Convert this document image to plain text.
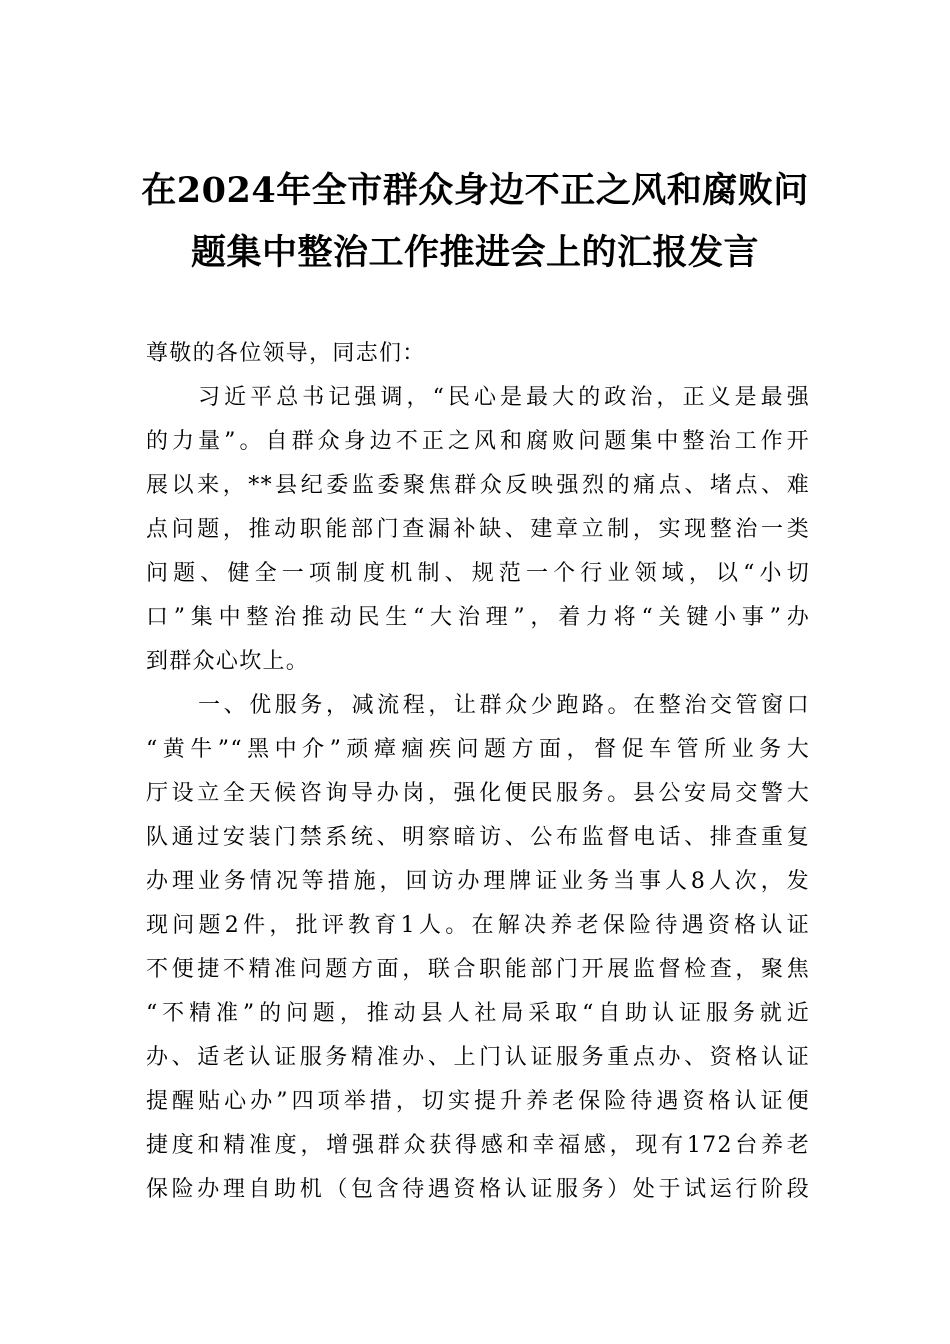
在2024年全市群众身边不正之风和腐败问
题集中整治工作推进会上的汇报发言
尊敬的各位领导，同志们：
习近平总书记强调，“民心是最大的政治，正义是最强
的力量”。自群众身边不正之风和腐败问题集中整治工作开
展以来，**县纪委监委聚焦群众反映强烈的痛点、堵点、难
点问题，推动职能部门查漏补缺、建章立制，实现整治一类
问题、健全一项制度机制、规范一个行业领域，以“小切
口”集中整治推动民生“大治理”，着力将“关键小事”办
到群众心坎上。
一、优服务，减流程，让群众少跑路。在整治交管窗口
“黄牛”“黑中介”顽瘴痼疾问题方面，督促车管所业务大
厅设立全天候咨询导办岗，强化便民服务。县公安局交警大
队通过安装门禁系统、明察暗访、公布监督电话、排查重复
办理业务情况等措施，回访办理牌证业务当事人8人次，发
现问题2件，批评教育1人。在解决养老保险待遇资格认证
不便捷不精准问题方面，联合职能部门开展监督检查，聚焦
“不精准”的问题，推动县人社局采取“自助认证服务就近
办、适老认证服务精准办、上门认证服务重点办、资格认证
提醒贴心办”四项举措，切实提升养老保险待遇资格认证便
捷度和精准度，增强群众获得感和幸福感，现有172台养老
保险办理自助机（包含待遇资格认证服务）处于试运行阶段
